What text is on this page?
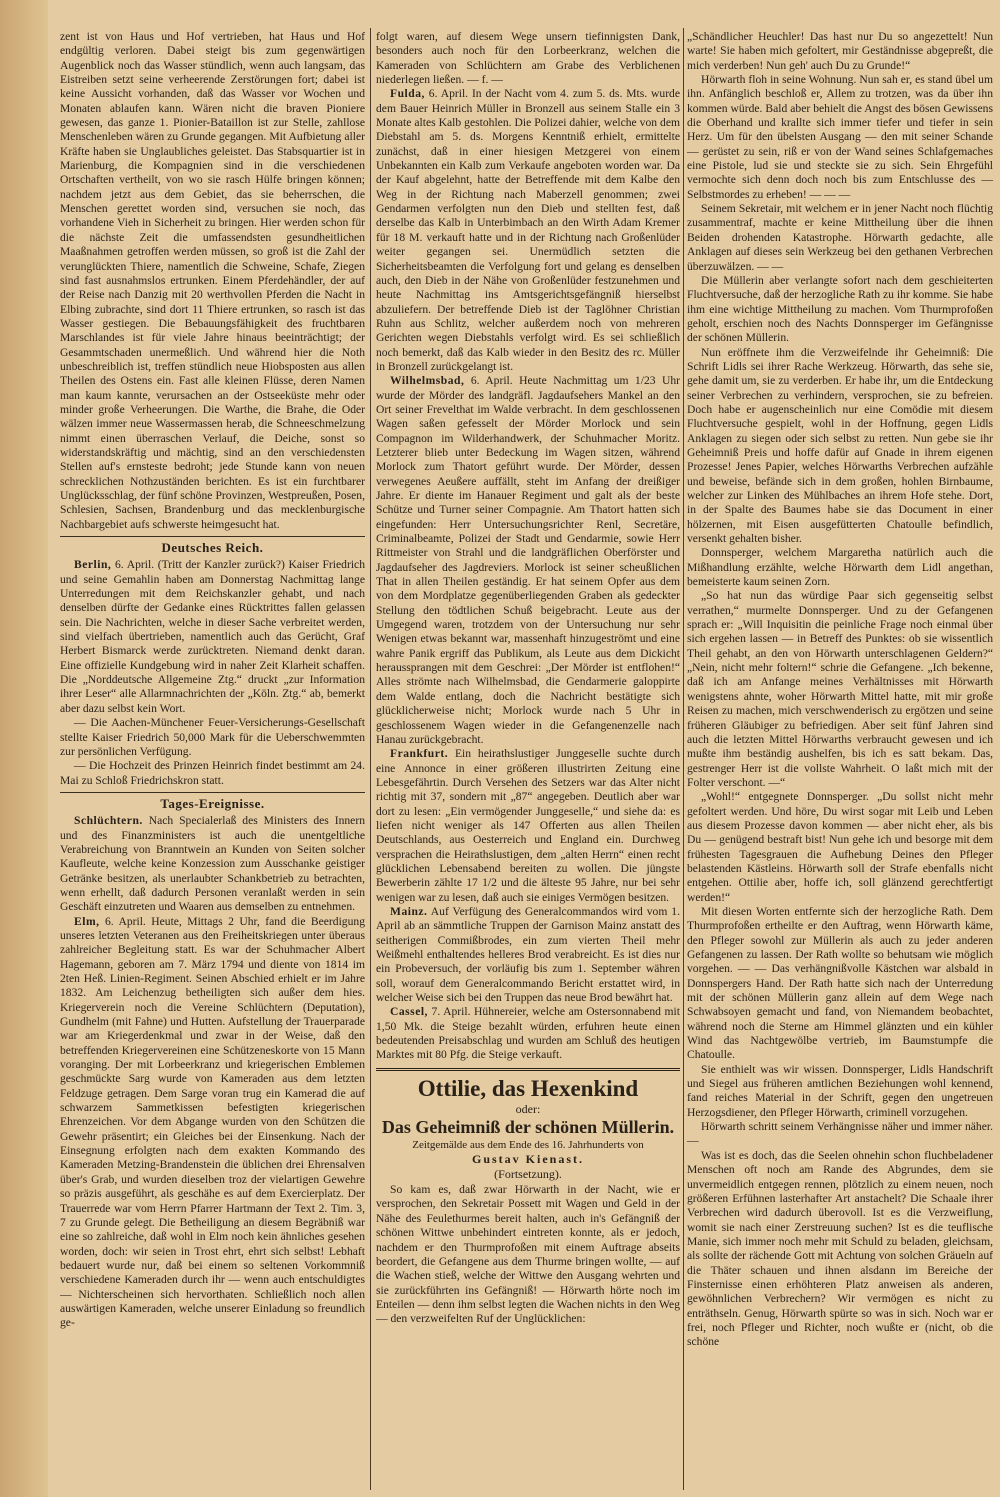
zent ist von Haus und Hof vertrieben, hat Haus und Hof endgültig verloren. Dabei steigt bis zum gegenwärtigen Augenblick noch das Wasser stündlich, wenn auch langsam, das Eistreiben setzt seine verheerende Zerstörungen fort; dabei ist keine Aussicht vorhanden, daß das Wasser vor Wochen und Monaten ablaufen kann. Wären nicht die braven Pioniere gewesen, das ganze 1. Pionier-Bataillon ist zur Stelle, zahllose Menschenleben wären zu Grunde gegangen. Mit Aufbietung aller Kräfte haben sie Unglaubliches geleistet. Das Stabsquartier ist in Marienburg, die Kompagnien sind in die verschiedenen Ortschaften vertheilt, von wo sie rasch Hülfe bringen können; nachdem jetzt aus dem Gebiet, das sie beherrschen, die Menschen gerettet worden sind, versuchen sie noch, das vorhandene Vieh in Sicherheit zu bringen. Hier werden schon für die nächste Zeit die umfassendsten gesundheitlichen Maaßnahmen getroffen werden müssen, so groß ist die Zahl der verunglückten Thiere, namentlich die Schweine, Schafe, Ziegen sind fast ausnahmslos ertrunken. Einem Pferdehändler, der auf der Reise nach Danzig mit 20 werthvollen Pferden die Nacht in Elbing zubrachte, sind dort 11 Thiere ertrunken, so rasch ist das Wasser gestiegen. Die Bebauungsfähigkeit des fruchtbaren Marschlandes ist für viele Jahre hinaus beeinträchtigt; der Gesammtschaden unermeßlich. Und während hier die Noth unbeschreiblich ist, treffen stündlich neue Hiobsposten aus allen Theilen des Ostens ein. Fast alle kleinen Flüsse, deren Namen man kaum kannte, verursachen an der Ostseeküste mehr oder minder große Verheerungen. Die Warthe, die Brahe, die Oder wälzen immer neue Wassermassen herab, die Schneeschmelzung nimmt einen überraschen Verlauf, die Deiche, sonst so widerstandskräftig und mächtig, sind an den verschiedensten Stellen auf's ernsteste bedroht; jede Stunde kann von neuen schrecklichen Nothzuständen berichten. Es ist ein furchtbarer Unglücksschlag, der fünf schöne Provinzen, Westpreußen, Posen, Schlesien, Sachsen, Brandenburg und das mecklenburgische Nachbargebiet aufs schwerste heimgesucht hat.

Deutsches Reich.

Berlin, 6. April. (Tritt der Kanzler zurück?) Kaiser Friedrich und seine Gemahlin haben am Donnerstag Nachmittag lange Unterredungen mit dem Reichskanzler gehabt, und nach denselben dürfte der Gedanke eines Rücktrittes fallen gelassen sein. Die Nachrichten, welche in dieser Sache verbreitet werden, sind vielfach übertrieben, namentlich auch das Gerücht, Graf Herbert Bismarck werde zurücktreten. Niemand denkt daran. Eine offizielle Kundgebung wird in naher Zeit Klarheit schaffen. Die „Norddeutsche Allgemeine Ztg.“ druckt „zur Information ihrer Leser“ alle Allarmnachrichten der „Köln. Ztg.“ ab, bemerkt aber dazu selbst kein Wort.

— Die Aachen-Münchener Feuer-Versicherungs-Gesellschaft stellte Kaiser Friedrich 50,000 Mark für die Ueberschwemmten zur persönlichen Verfügung.

— Die Hochzeit des Prinzen Heinrich findet bestimmt am 24. Mai zu Schloß Friedrichskron statt.

Tages-Ereignisse.

Schlüchtern. Nach Specialerlaß des Ministers des Innern und des Finanzministers ist auch die unentgeltliche Verabreichung von Branntwein an Kunden von Seiten solcher Kaufleute, welche keine Konzession zum Ausschanke geistiger Getränke besitzen, als unerlaubter Schankbetrieb zu betrachten, wenn erhellt, daß dadurch Personen veranlaßt werden in sein Geschäft einzutreten und Waaren aus demselben zu entnehmen.

Elm, 6. April. Heute, Mittags 2 Uhr, fand die Beerdigung unseres letzten Veteranen aus den Freiheitskriegen unter überaus zahlreicher Begleitung statt. Es war der Schuhmacher Albert Hagemann, geboren am 7. März 1794 und diente von 1814 im 2ten Heß. Linien-Regiment. Seinen Abschied erhielt er im Jahre 1832. Am Leichenzug betheiligten sich außer dem hies. Kriegerverein noch die Vereine Schlüchtern (Deputation), Gundhelm (mit Fahne) und Hutten. Aufstellung der Trauerparade war am Kriegerdenkmal und zwar in der Weise, daß den betreffenden Kriegervereinen eine Schützeneskorte von 15 Mann voranging. Der mit Lorbeerkranz und kriegerischen Emblemen geschmückte Sarg wurde von Kameraden aus dem letzten Feldzuge getragen. Dem Sarge voran trug ein Kamerad die auf schwarzem Sammetkissen befestigten kriegerischen Ehrenzeichen. Vor dem Abgange wurden von den Schützen die Gewehr präsentirt; ein Gleiches bei der Einsenkung. Nach der Einsegnung erfolgten nach dem exakten Kommando des Kameraden Metzing-Brandenstein die üblichen drei Ehrensalven über's Grab, und wurden dieselben troz der vielartigen Gewehre so präzis ausgeführt, als geschähe es auf dem Exercierplatz. Der Trauerrede war vom Herrn Pfarrer Hartmann der Text 2. Tim. 3, 7 zu Grunde gelegt. Die Betheiligung an diesem Begräbniß war eine so zahlreiche, daß wohl in Elm noch kein ähnliches gesehen worden, doch: wir seien in Trost ehrt, ehrt sich selbst! Lebhaft bedauert wurde nur, daß bei einem so seltenen Vorkommniß verschiedene Kameraden durch ihr — wenn auch entschuldigtes — Nichterscheinen sich hervorthaten. Schließlich noch allen auswärtigen Kameraden, welche unserer Einladung so freundlich ge-

folgt waren, auf diesem Wege unsern tiefinnigsten Dank, besonders auch noch für den Lorbeerkranz, welchen die Kameraden von Schlüchtern am Grabe des Verblichenen niederlegen ließen. — f. —

Fulda, 6. April. In der Nacht vom 4. zum 5. ds. Mts. wurde dem Bauer Heinrich Müller in Bronzell aus seinem Stalle ein 3 Monate altes Kalb gestohlen. Die Polizei dahier, welche von dem Diebstahl am 5. ds. Morgens Kenntniß erhielt, ermittelte zunächst, daß in einer hiesigen Metzgerei von einem Unbekannten ein Kalb zum Verkaufe angeboten worden war. Da der Kauf abgelehnt, hatte der Betreffende mit dem Kalbe den Weg in der Richtung nach Maberzell genommen; zwei Gendarmen verfolgten nun den Dieb und stellten fest, daß derselbe das Kalb in Unterbimbach an den Wirth Adam Kremer für 18 M. verkauft hatte und in der Richtung nach Großenlüder weiter gegangen sei. Unermüdlich setzten die Sicherheitsbeamten die Verfolgung fort und gelang es denselben auch, den Dieb in der Nähe von Großenlüder festzunehmen und heute Nachmittag ins Amtsgerichtsgefängniß hierselbst abzuliefern. Der betreffende Dieb ist der Taglöhner Christian Ruhn aus Schlitz, welcher außerdem noch von mehreren Gerichten wegen Diebstahls verfolgt wird. Es sei schließlich noch bemerkt, daß das Kalb wieder in den Besitz des rc. Müller in Bronzell zurückgelangt ist.

Wilhelmsbad, 6. April. Heute Nachmittag um 1/23 Uhr wurde der Mörder des landgräfl. Jagdaufsehers Mankel an den Ort seiner Frevelthat im Walde verbracht. In dem geschlossenen Wagen saßen gefesselt der Mörder Morlock und sein Compagnon im Wilderhandwerk, der Schuhmacher Moritz. Letzterer blieb unter Bedeckung im Wagen sitzen, während Morlock zum Thatort geführt wurde. Der Mörder, dessen verwegenes Aeußere auffällt, steht im Anfang der dreißiger Jahre. Er diente im Hanauer Regiment und galt als der beste Schütze und Turner seiner Compagnie. Am Thatort hatten sich eingefunden: Herr Untersuchungsrichter Renl, Secretäre, Criminalbeamte, Polizei der Stadt und Gendarmie, sowie Herr Rittmeister von Strahl und die landgräflichen Oberförster und Jagdaufseher des Jagdreviers. Morlock ist seiner scheußlichen That in allen Theilen geständig. Er hat seinem Opfer aus dem von dem Mordplatze gegenüberliegenden Graben als gedeckter Stellung den tödtlichen Schuß beigebracht. Leute aus der Umgegend waren, trotzdem von der Untersuchung nur sehr Wenigen etwas bekannt war, massenhaft hinzugeströmt und eine wahre Panik ergriff das Publikum, als Leute aus dem Dickicht heraussprangen mit dem Geschrei: „Der Mörder ist entflohen!“ Alles strömte nach Wilhelmsbad, die Gendarmerie galoppirte dem Walde entlang, doch die Nachricht bestätigte sich glücklicherweise nicht; Morlock wurde nach 5 Uhr in geschlossenem Wagen wieder in die Gefangenenzelle nach Hanau zurückgebracht.

Frankfurt. Ein heirathslustiger Junggeselle suchte durch eine Annonce in einer größeren illustrirten Zeitung eine Lebesgefährtin. Durch Versehen des Setzers war das Alter nicht richtig mit 37, sondern mit „87“ angegeben. Deutlich aber war dort zu lesen: „Ein vermögender Junggeselle,“ und siehe da: es liefen nicht weniger als 147 Offerten aus allen Theilen Deutschlands, aus Oesterreich und England ein. Durchweg versprachen die Heirathslustigen, dem „alten Herrn“ einen recht glücklichen Lebensabend bereiten zu wollen. Die jüngste Bewerberin zählte 17 1/2 und die älteste 95 Jahre, nur bei sehr wenigen war zu lesen, daß auch sie einiges Vermögen besitzen.

Mainz. Auf Verfügung des Generalcommandos wird vom 1. April ab an sämmtliche Truppen der Garnison Mainz anstatt des seitherigen Commißbrodes, ein zum vierten Theil mehr Weißmehl enthaltendes helleres Brod verabreicht. Es ist dies nur ein Probeversuch, der vorläufig bis zum 1. September währen soll, worauf dem Generalcommando Bericht erstattet wird, in welcher Weise sich bei den Truppen das neue Brod bewährt hat.

Cassel, 7. April. Hühnereier, welche am Ostersonnabend mit 1,50 Mk. die Steige bezahlt würden, erfuhren heute einen bedeutenden Preisabschlag und wurden am Schluß des heutigen Marktes mit 80 Pfg. die Steige verkauft.

Ottilie, das Hexenkind
oder:
Das Geheimniß der schönen Müllerin.
Zeitgemälde aus dem Ende des 16. Jahrhunderts von
Gustav Kienast.
(Fortsetzung).

So kam es, daß zwar Hörwarth in der Nacht, wie er versprochen, den Sekretair Possett mit Wagen und Geld in der Nähe des Feulethurmes bereit halten, auch in's Gefängniß der schönen Wittwe unbehindert eintreten konnte, als er jedoch, nachdem er den Thurmprofoßen mit einem Auftrage abseits beordert, die Gefangene aus dem Thurme bringen wollte, — auf die Wachen stieß, welche der Wittwe den Ausgang wehrten und sie zurückführten ins Gefängniß! — Hörwarth hörte noch im Enteilen — denn ihm selbst legten die Wachen nichts in den Weg — den verzweifelten Ruf der Unglücklichen:

„Schändlicher Heuchler! Das hast nur Du so angezettelt! Nun warte! Sie haben mich gefoltert, mir Geständnisse abgepreßt, die mich verderben! Nun geh' auch Du zu Grunde!“

Hörwarth floh in seine Wohnung. Nun sah er, es stand übel um ihn. Anfänglich beschloß er, Allem zu trotzen, was da über ihn kommen würde. Bald aber behielt die Angst des bösen Gewissens die Oberhand und krallte sich immer tiefer und tiefer in sein Herz. Um für den übelsten Ausgang — den mit seiner Schande — gerüstet zu sein, riß er von der Wand seines Schlafgemaches eine Pistole, lud sie und steckte sie zu sich. Sein Ehrgefühl vermochte sich denn doch noch bis zum Entschlusse des — Selbstmordes zu erheben! — — —

Seinem Sekretair, mit welchem er in jener Nacht noch flüchtig zusammentraf, machte er keine Mittheilung über die ihnen Beiden drohenden Katastrophe. Hörwarth gedachte, alle Anklagen auf dieses sein Werkzeug bei den gethanen Verbrechen überzuwälzen. — —

Die Müllerin aber verlangte sofort nach dem geschieiterten Fluchtversuche, daß der herzogliche Rath zu ihr komme. Sie habe ihm eine wichtige Mittheilung zu machen. Vom Thurmprofoßen geholt, erschien noch des Nachts Donnsperger im Gefängnisse der schönen Müllerin.

Nun eröffnete ihm die Verzweifelnde ihr Geheimniß: Die Schrift Lidls sei ihrer Rache Werkzeug. Hörwarth, das sehe sie, gehe damit um, sie zu verderben. Er habe ihr, um die Entdeckung seiner Verbrechen zu verhindern, versprochen, sie zu befreien. Doch habe er augenscheinlich nur eine Comödie mit diesem Fluchtversuche gespielt, wohl in der Hoffnung, gegen Lidls Anklagen zu siegen oder sich selbst zu retten. Nun gebe sie ihr Geheimniß Preis und hoffe dafür auf Gnade in ihrem eigenen Prozesse! Jenes Papier, welches Hörwarths Verbrechen aufzähle und beweise, befände sich in dem großen, hohlen Birnbaume, welcher zur Linken des Mühlbaches an ihrem Hofe stehe. Dort, in der Spalte des Baumes habe sie das Document in einer hölzernen, mit Eisen ausgefütterten Chatoulle befindlich, versenkt gehalten bisher.

Donnsperger, welchem Margaretha natürlich auch die Mißhandlung erzählte, welche Hörwarth dem Lidl angethan, bemeisterte kaum seinen Zorn.

„So hat nun das würdige Paar sich gegenseitig selbst verrathen,“ murmelte Donnsperger. Und zu der Gefangenen sprach er: „Will Inquisitin die peinliche Frage noch einmal über sich ergehen lassen — in Betreff des Punktes: ob sie wissentlich Theil gehabt, an den von Hörwarth unterschlagenen Geldern?“ „Nein, nicht mehr foltern!“ schrie die Gefangene. „Ich bekenne, daß ich am Anfange meines Verhältnisses mit Hörwarth wenigstens ahnte, woher Hörwarth Mittel hatte, mit mir große Reisen zu machen, mich verschwenderisch zu ergötzen und seine früheren Gläubiger zu befriedigen. Aber seit fünf Jahren sind auch die letzten Mittel Hörwarths verbraucht gewesen und ich mußte ihm beständig aushelfen, bis ich es satt bekam. Das, gestrenger Herr ist die vollste Wahrheit. O laßt mich mit der Folter verschont. —“

„Wohl!“ entgegnete Donnsperger. „Du sollst nicht mehr gefoltert werden. Und höre, Du wirst sogar mit Leib und Leben aus diesem Prozesse davon kommen — aber nicht eher, als bis Du — genügend bestraft bist! Nun gehe ich und besorge mit dem frühesten Tagesgrauen die Aufhebung Deines den Pfleger belastenden Kästleins. Hörwarth soll der Strafe ebenfalls nicht entgehen. Ottilie aber, hoffe ich, soll glänzend gerechtfertigt werden!“

Mit diesen Worten entfernte sich der herzogliche Rath. Dem Thurmprofoßen ertheilte er den Auftrag, wenn Hörwarth käme, den Pfleger sowohl zur Müllerin als auch zu jeder anderen Gefangenen zu lassen. Der Rath wollte so behutsam wie möglich vorgehen. — — Das verhängnißvolle Kästchen war alsbald in Donnspergers Hand. Der Rath hatte sich nach der Unterredung mit der schönen Müllerin ganz allein auf dem Wege nach Schwabsoyen gemacht und fand, von Niemandem beobachtet, während noch die Sterne am Himmel glänzten und ein kühler Wind das Nachtgewölbe vertrieb, im Baumstumpfe die Chatoulle.

Sie enthielt was wir wissen. Donnsperger, Lidls Handschrift und Siegel aus früheren amtlichen Beziehungen wohl kennend, fand reiches Material in der Schrift, gegen den ungetreuen Herzogsdiener, den Pfleger Hörwarth, criminell vorzugehen.

Hörwarth schritt seinem Verhängnisse näher und immer näher. —

Was ist es doch, das die Seelen ohnehin schon fluchbeladener Menschen oft noch am Rande des Abgrundes, dem sie unvermeidlich entgegen rennen, plötzlich zu einem neuen, noch größeren Erfühnen lasterhafter Art anstachelt? Die Schaale ihrer Verbrechen wird dadurch überovoll. Ist es die Verzweiflung, womit sie nach einer Zerstreuung suchen? Ist es die teuflische Manie, sich immer noch mehr mit Schuld zu beladen, gleichsam, als sollte der rächende Gott mit Achtung von solchen Gräueln auf die Thäter schauen und ihnen alsdann im Bereiche der Finsternisse einen erhöhteren Platz anweisen als anderen, gewöhnlichen Verbrechern? Wir vermögen es nicht zu enträthseln. Genug, Hörwarth spürte so was in sich. Noch war er frei, noch Pfleger und Richter, noch wußte er (nicht, ob die schöne
